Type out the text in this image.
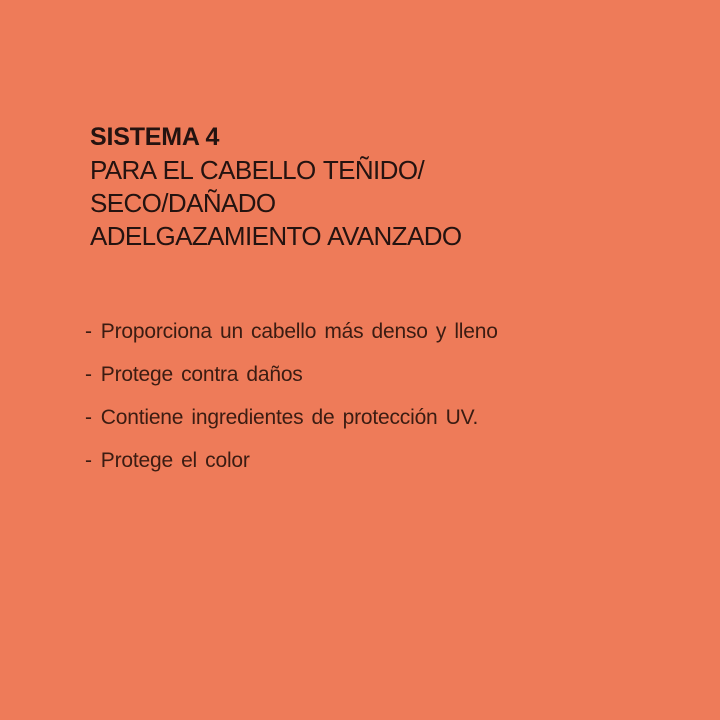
SISTEMA 4
PARA EL CABELLO TEÑIDO/
SECO/DAÑADO
ADELGAZAMIENTO AVANZADO
- Proporciona un cabello más denso y lleno
- Protege contra daños
- Contiene ingredientes de protección UV.
- Protege el color
